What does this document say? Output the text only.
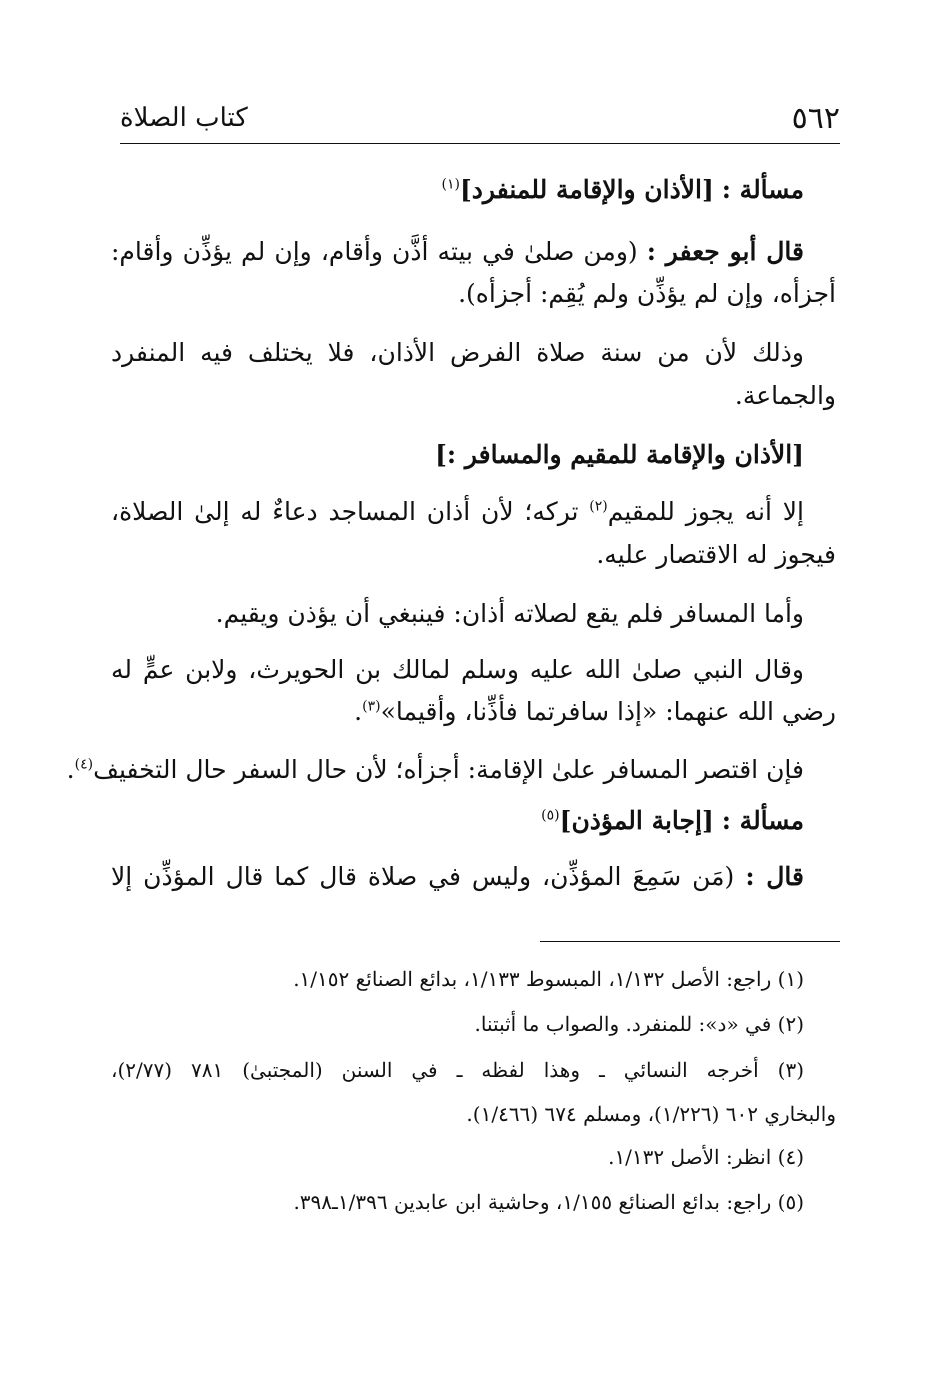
٥٦٢
كتاب الصلاة
مسألة : [الأذان والإقامة للمنفرد]$^{(١)}$
قال أبو جعفر : (ومن صلىٰ في بيته أذَّن وأقام، وإن لم يؤذِّن وأقام:
أجزأه، وإن لم يؤذِّن ولم يُقِم: أجزأه).
وذلك لأن من سنة صلاة الفرض الأذان، فلا يختلف فيه المنفرد
والجماعة.
[الأذان والإقامة للمقيم والمسافر :]
إلا أنه يجوز للمقيم$^{(٢)}$ تركه؛ لأن أذان المساجد دعاءٌ له إلىٰ الصلاة،
فيجوز له الاقتصار عليه.
وأما المسافر فلم يقع لصلاته أذان: فينبغي أن يؤذن ويقيم.
وقال النبي صلىٰ الله عليه وسلم لمالك بن الحويرث، ولابن عمٍّ له
رضي الله عنهما: «إذا سافرتما فأذِّنا، وأقيما»$^{(٣)}$.
فإن اقتصر المسافر علىٰ الإقامة: أجزأه؛ لأن حال السفر حال التخفيف$^{(٤)}$.
مسألة : [إجابة المؤذن]$^{(٥)}$
قال : (مَن سَمِعَ المؤذِّن، وليس في صلاة قال كما قال المؤذِّن إلا
(١) راجع: الأصل ١/١٣٢، المبسوط ١/١٣٣، بدائع الصنائع ١/١٥٢.
(٢) في «د»: للمنفرد. والصواب ما أثبتنا.
(٣) أخرجه النسائي ـ وهذا لفظه ـ في السنن (المجتبىٰ) ٧٨١ (٢/٧٧)،
والبخاري ٦٠٢ (١/٢٢٦)، ومسلم ٦٧٤ (١/٤٦٦).
(٤) انظر: الأصل ١/١٣٢.
(٥) راجع: بدائع الصنائع ١/١٥٥، وحاشية ابن عابدين ١/٣٩٦ـ٣٩٨.
